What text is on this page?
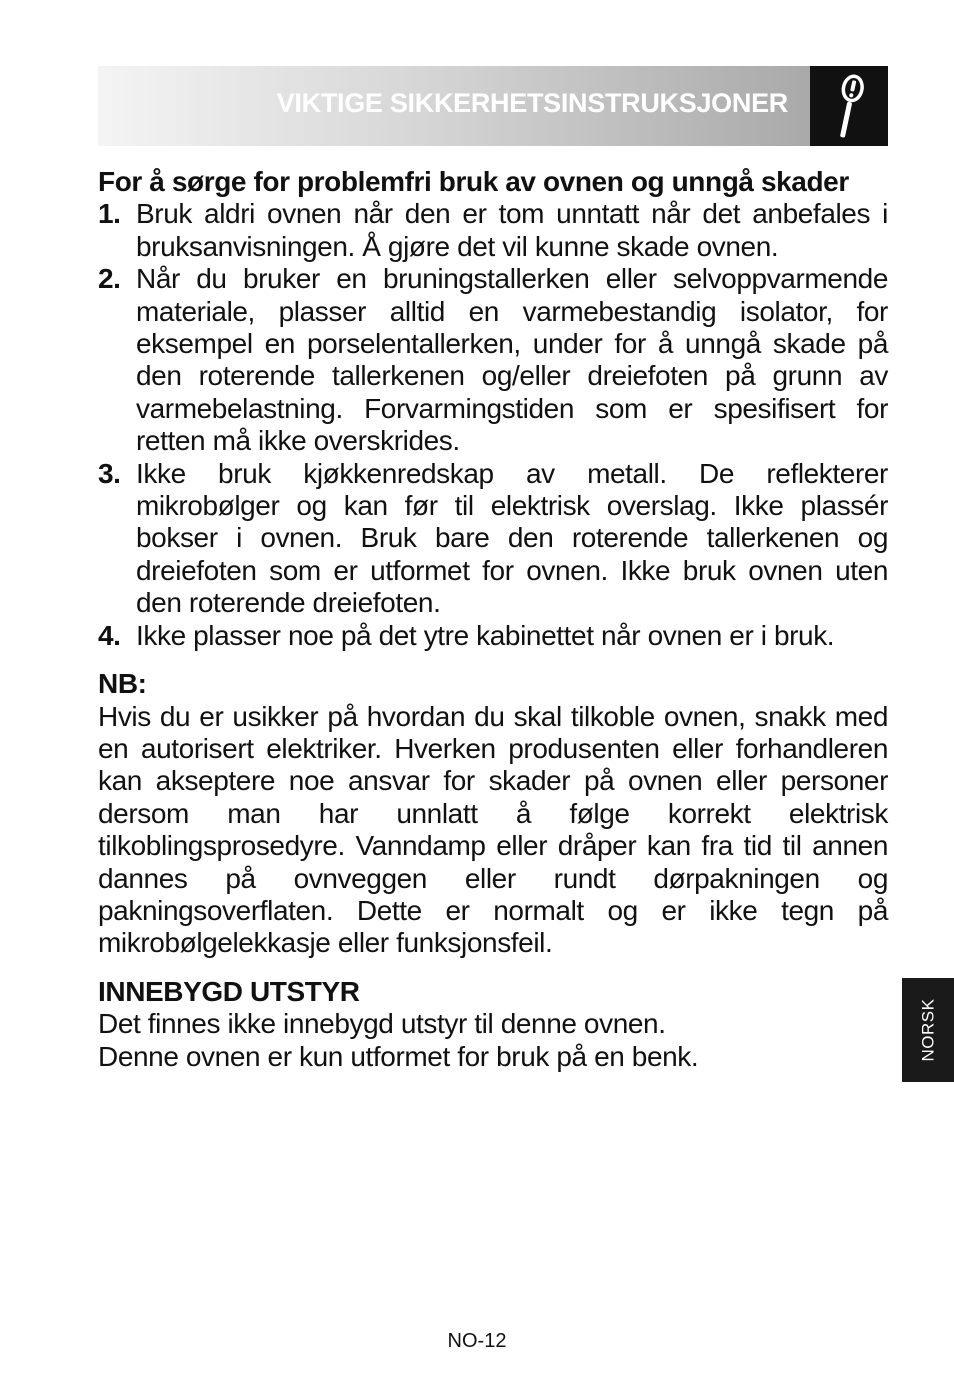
VIKTIGE SIKKERHETSINSTRUKSJONER

For å sørge for problemfri bruk av ovnen og unngå skader

1. Bruk aldri ovnen når den er tom unntatt når det anbefales i bruksanvisningen. Å gjøre det vil kunne skade ovnen.
2. Når du bruker en bruningstallerken eller selvoppvarmende materiale, plasser alltid en varmebestandig isolator, for eksempel en porselentallerken, under for å unngå skade på den roterende tallerkenen og/eller dreiefoten på grunn av varmebelastning. Forvarmingstiden som er spesifisert for retten må ikke overskrides.
3. Ikke bruk kjøkkenredskap av metall. De reflekterer mikrobølger og kan før til elektrisk overslag. Ikke plassér bokser i ovnen. Bruk bare den roterende tallerkenen og dreiefoten som er utformet for ovnen. Ikke bruk ovnen uten den roterende dreiefoten.
4. Ikke plasser noe på det ytre kabinettet når ovnen er i bruk.

NB:

Hvis du er usikker på hvordan du skal tilkoble ovnen, snakk med en autorisert elektriker. Hverken produsenten eller forhandleren kan akseptere noe ansvar for skader på ovnen eller personer dersom man har unnlatt å følge korrekt elektrisk tilkoblingsprosedyre. Vanndamp eller dråper kan fra tid til annen dannes på ovnveggen eller rundt dørpakningen og pakningsoverflaten. Dette er normalt og er ikke tegn på mikrobølgelekkasje eller funksjonsfeil.

INNEBYGD UTSTYR

Det finnes ikke innebygd utstyr til denne ovnen.

Denne ovnen er kun utformet for bruk på en benk.	NORSK
NO-12
